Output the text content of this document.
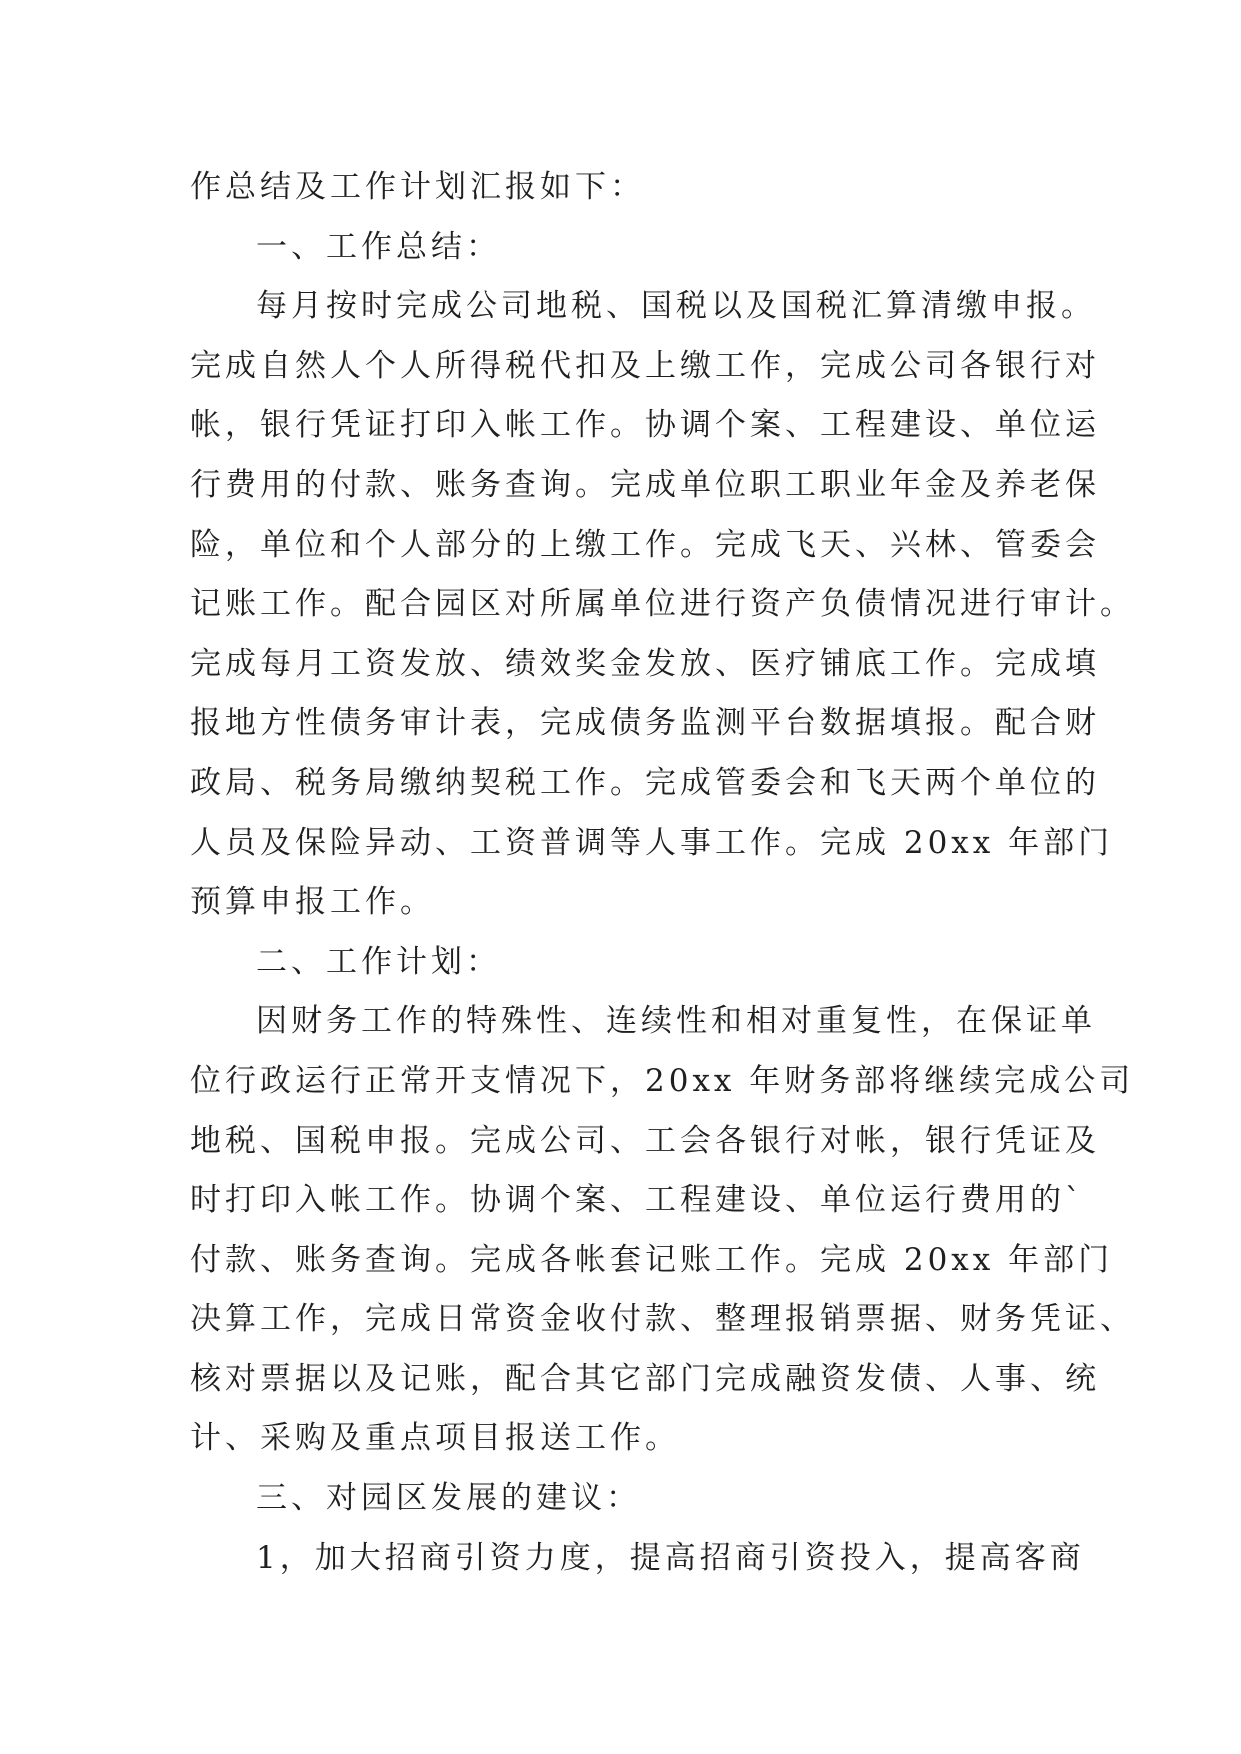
作总结及工作计划汇报如下：
一、工作总结：
每月按时完成公司地税、国税以及国税汇算清缴申报。
完成自然人个人所得税代扣及上缴工作，完成公司各银行对
帐，银行凭证打印入帐工作。协调个案、工程建设、单位运
行费用的付款、账务查询。完成单位职工职业年金及养老保
险，单位和个人部分的上缴工作。完成飞天、兴林、管委会
记账工作。配合园区对所属单位进行资产负债情况进行审计。
完成每月工资发放、绩效奖金发放、医疗铺底工作。完成填
报地方性债务审计表，完成债务监测平台数据填报。配合财
政局、税务局缴纳契税工作。完成管委会和飞天两个单位的
人员及保险异动、工资普调等人事工作。完成 20xx 年部门
预算申报工作。
二、工作计划：
因财务工作的特殊性、连续性和相对重复性，在保证单
位行政运行正常开支情况下，20xx 年财务部将继续完成公司
地税、国税申报。完成公司、工会各银行对帐，银行凭证及
时打印入帐工作。协调个案、工程建设、单位运行费用的`
付款、账务查询。完成各帐套记账工作。完成 20xx 年部门
决算工作，完成日常资金收付款、整理报销票据、财务凭证、
核对票据以及记账，配合其它部门完成融资发债、人事、统
计、采购及重点项目报送工作。
三、对园区发展的建议：
1，加大招商引资力度，提高招商引资投入，提高客商
